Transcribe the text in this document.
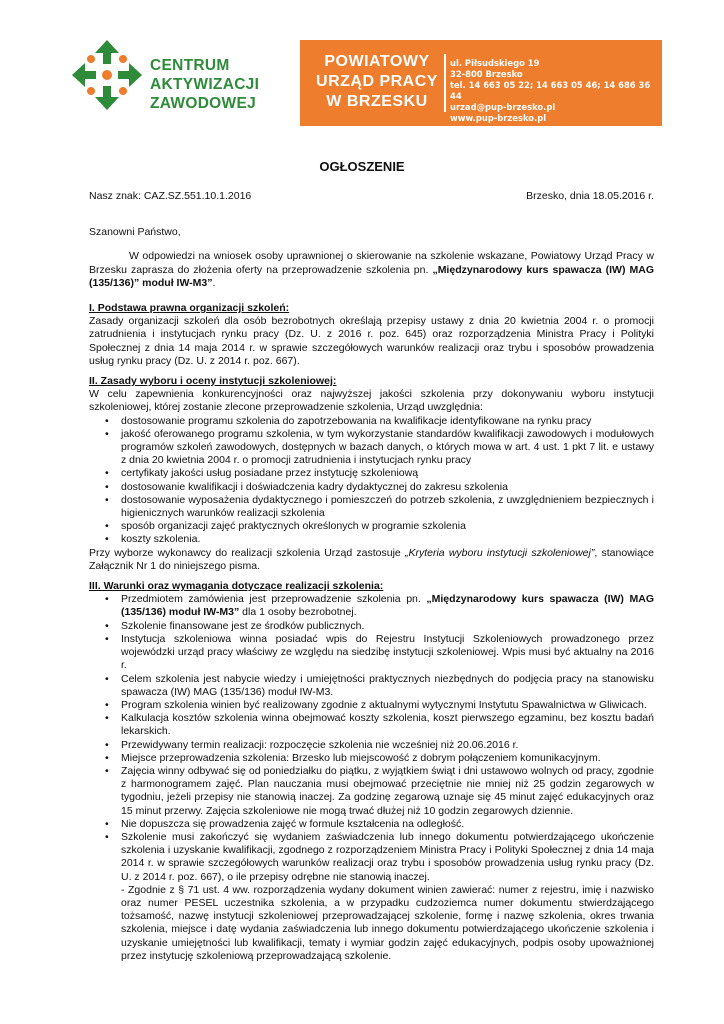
CENTRUM
AKTYWIZACJI
ZAWODOWEJ
POWIATOWY
URZĄD PRACY
W BRZESKU
ul. Piłsudskiego 19
32-800 Brzesko
tel. 14 663 05 22; 14 663 05 46; 14 686 36 44
urzad@pup-brzesko.pl
www.pup-brzesko.pl
OGŁOSZENIE
Nasz znak: CAZ.SZ.551.10.1.2016	Brzesko, dnia 18.05.2016 r.

Szanowni Państwo,

W odpowiedzi na wniosek osoby uprawnionej o skierowanie na szkolenie wskazane, Powiatowy Urząd Pracy w Brzesku zaprasza do złożenia oferty na przeprowadzenie szkolenia pn. „Międzynarodowy kurs spawacza (IW) MAG (135/136)” moduł IW-M3”.

I. Podstawa prawna organizacji szkoleń:

Zasady organizacji szkoleń dla osób bezrobotnych określają przepisy ustawy z dnia 20 kwietnia 2004 r. o promocji zatrudnienia i instytucjach rynku pracy (Dz. U. z 2016 r. poz. 645) oraz rozporządzenia Ministra Pracy i Polityki Społecznej z dnia 14 maja 2014 r. w sprawie szczegółowych warunków realizacji oraz trybu i sposobów prowadzenia usług rynku pracy (Dz. U. z 2014 r. poz. 667).

II. Zasady wyboru i oceny instytucji szkoleniowej:

W celu zapewnienia konkurencyjności oraz najwyższej jakości szkolenia przy dokonywaniu wyboru instytucji szkoleniowej, której zostanie zlecone przeprowadzenie szkolenia, Urząd uwzględnia:

• dostosowanie programu szkolenia do zapotrzebowania na kwalifikacje identyfikowane na rynku pracy
• jakość oferowanego programu szkolenia, w tym wykorzystanie standardów kwalifikacji zawodowych i modułowych programów szkoleń zawodowych, dostępnych w bazach danych, o których mowa w art. 4 ust. 1 pkt 7 lit. e ustawy z dnia 20 kwietnia 2004 r. o promocji zatrudnienia i instytucjach rynku pracy
• certyfikaty jakości usług posiadane przez instytucję szkoleniową
• dostosowanie kwalifikacji i doświadczenia kadry dydaktycznej do zakresu szkolenia
• dostosowanie wyposażenia dydaktycznego i pomieszczeń do potrzeb szkolenia, z uwzględnieniem bezpiecznych i higienicznych warunków realizacji szkolenia
• sposób organizacji zajęć praktycznych określonych w programie szkolenia
• koszty szkolenia.

Przy wyborze wykonawcy do realizacji szkolenia Urząd zastosuje „Kryteria wyboru instytucji szkoleniowej”, stanowiące Załącznik Nr 1 do niniejszego pisma.

III. Warunki oraz wymagania dotyczące realizacji szkolenia:

• Przedmiotem zamówienia jest przeprowadzenie szkolenia pn. „Międzynarodowy kurs spawacza (IW) MAG (135/136) moduł IW-M3” dla 1 osoby bezrobotnej.
• Szkolenie finansowane jest ze środków publicznych.
• Instytucja szkoleniowa winna posiadać wpis do Rejestru Instytucji Szkoleniowych prowadzonego przez wojewódzki urząd pracy właściwy ze względu na siedzibę instytucji szkoleniowej. Wpis musi być aktualny na 2016 r.
• Celem szkolenia jest nabycie wiedzy i umiejętności praktycznych niezbędnych do podjęcia pracy na stanowisku spawacza (IW) MAG (135/136) moduł IW-M3.
• Program szkolenia winien być realizowany zgodnie z aktualnymi wytycznymi Instytutu Spawalnictwa w Gliwicach.
• Kalkulacja kosztów szkolenia winna obejmować koszty szkolenia, koszt pierwszego egzaminu, bez kosztu badań lekarskich.
• Przewidywany termin realizacji: rozpoczęcie szkolenia nie wcześniej niż 20.06.2016 r.
• Miejsce przeprowadzenia szkolenia: Brzesko lub miejscowość z dobrym połączeniem komunikacyjnym.
• Zajęcia winny odbywać się od poniedziałku do piątku, z wyjątkiem świąt i dni ustawowo wolnych od pracy, zgodnie z harmonogramem zajęć. Plan nauczania musi obejmować przeciętnie nie mniej niż 25 godzin zegarowych w tygodniu, jeżeli przepisy nie stanowią inaczej. Za godzinę zegarową uznaje się 45 minut zajęć edukacyjnych oraz 15 minut przerwy. Zajęcia szkoleniowe nie mogą trwać dłużej niż 10 godzin zegarowych dziennie.
• Nie dopuszcza się prowadzenia zajęć w formule kształcenia na odległość.
• Szkolenie musi zakończyć się wydaniem zaświadczenia lub innego dokumentu potwierdzającego ukończenie szkolenia i uzyskanie kwalifikacji, zgodnego z rozporządzeniem Ministra Pracy i Polityki Społecznej z dnia 14 maja 2014 r. w sprawie szczegółowych warunków realizacji oraz trybu i sposobów prowadzenia usług rynku pracy (Dz. U. z 2014 r. poz. 667), o ile przepisy odrębne nie stanowią inaczej.

- Zgodnie z § 71 ust. 4 ww. rozporządzenia wydany dokument winien zawierać: numer z rejestru, imię i nazwisko oraz numer PESEL uczestnika szkolenia, a w przypadku cudzoziemca numer dokumentu stwierdzającego tożsamość, nazwę instytucji szkoleniowej przeprowadzającej szkolenie, formę i nazwę szkolenia, okres trwania szkolenia, miejsce i datę wydania zaświadczenia lub innego dokumentu potwierdzającego ukończenie szkolenia i uzyskanie umiejętności lub kwalifikacji, tematy i wymiar godzin zajęć edukacyjnych, podpis osoby upoważnionej przez instytucję szkoleniową przeprowadzającą szkolenie.
